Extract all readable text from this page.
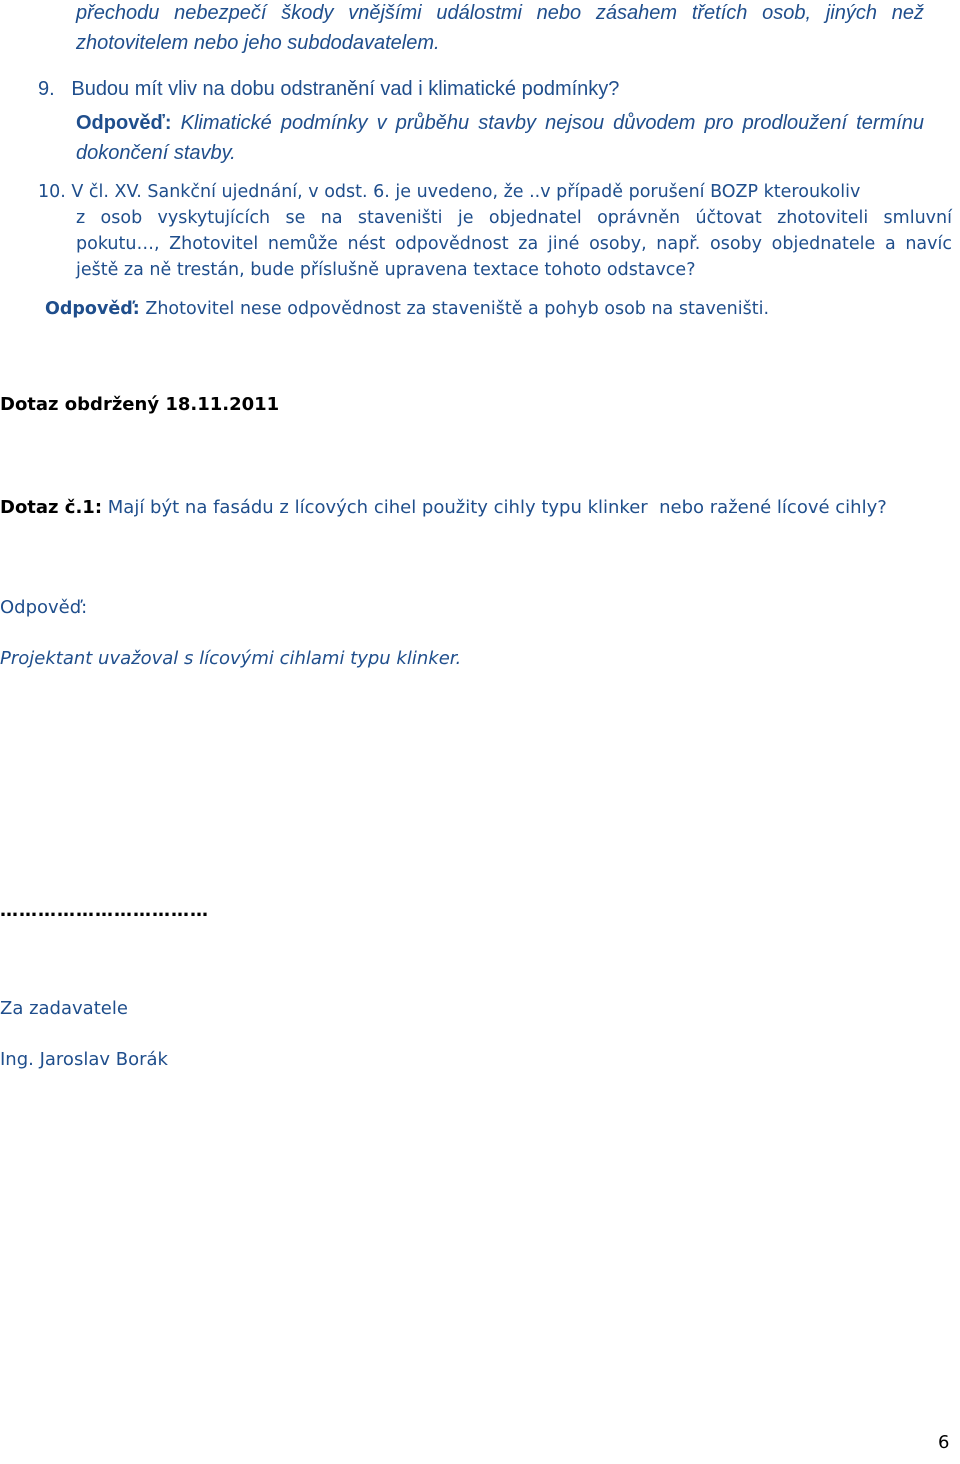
přechodu nebezpečí škody vnějšími událostmi nebo zásahem třetích osob, jiných než
zhotovitelem nebo jeho subdodavatelem.
9.   Budou mít vliv na dobu odstranění vad i klimatické podmínky?
Odpověď: Klimatické podmínky v průběhu stavby nejsou důvodem pro prodloužení termínu
dokončení stavby.
10. V čl. XV. Sankční ujednání, v odst. 6. je uvedeno, že ..v případě porušení BOZP kteroukoliv
z osob vyskytujících se na staveništi je objednatel oprávněn účtovat zhotoviteli smluvní
pokutu…, Zhotovitel nemůže nést odpovědnost za jiné osoby, např. osoby objednatele a navíc
ještě za ně trestán, bude příslušně upravena textace tohoto odstavce?
Odpověď: Zhotovitel nese odpovědnost za staveniště a pohyb osob na staveništi.
Dotaz obdržený 18.11.2011
Dotaz č.1: Mají být na fasádu z lícových cihel použity cihly typu klinker  nebo ražené lícové cihly?
Odpověď:
Projektant uvažoval s lícovými cihlami typu klinker.
……………………………
Za zadavatele
Ing. Jaroslav Borák
6
